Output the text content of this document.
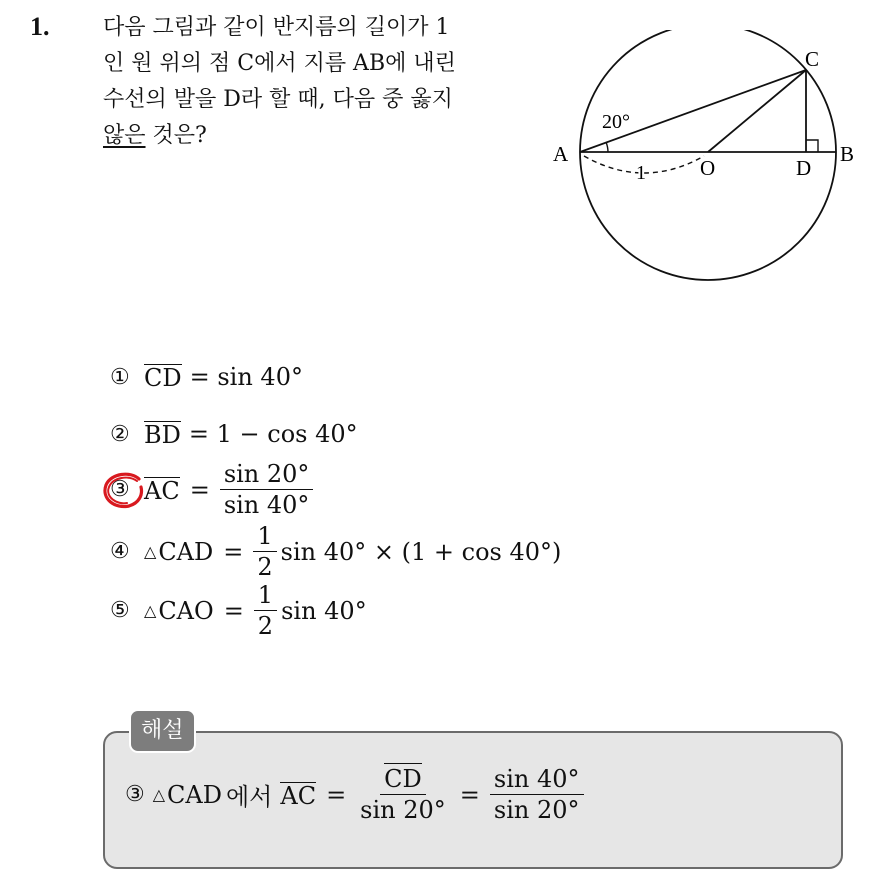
1. 다음 그림과 같이 반지름의 길이가 1
인 원 위의 점 C에서 지름 AB에 내린
수선의 발을 D라 할 때, 다음 중 옳지
않은 것은?
C
A	B
D
O
20°
1
① CD = sin 40°
② BD = 1 − cos 40°
③ AC = $\frac{\sin 20^\circ}{\sin 40^\circ}$
④ △ CAD = $\frac{1}{2}$ sin 40° × (1 + cos 40°)
⑤ △ CAO = $\frac{1}{2}$ sin 40°
해설
③ △ CAD 에서 AC = $\frac{CD}{\sin 20^\circ} = \frac{\sin 40^\circ}{\sin 20^\circ}$
